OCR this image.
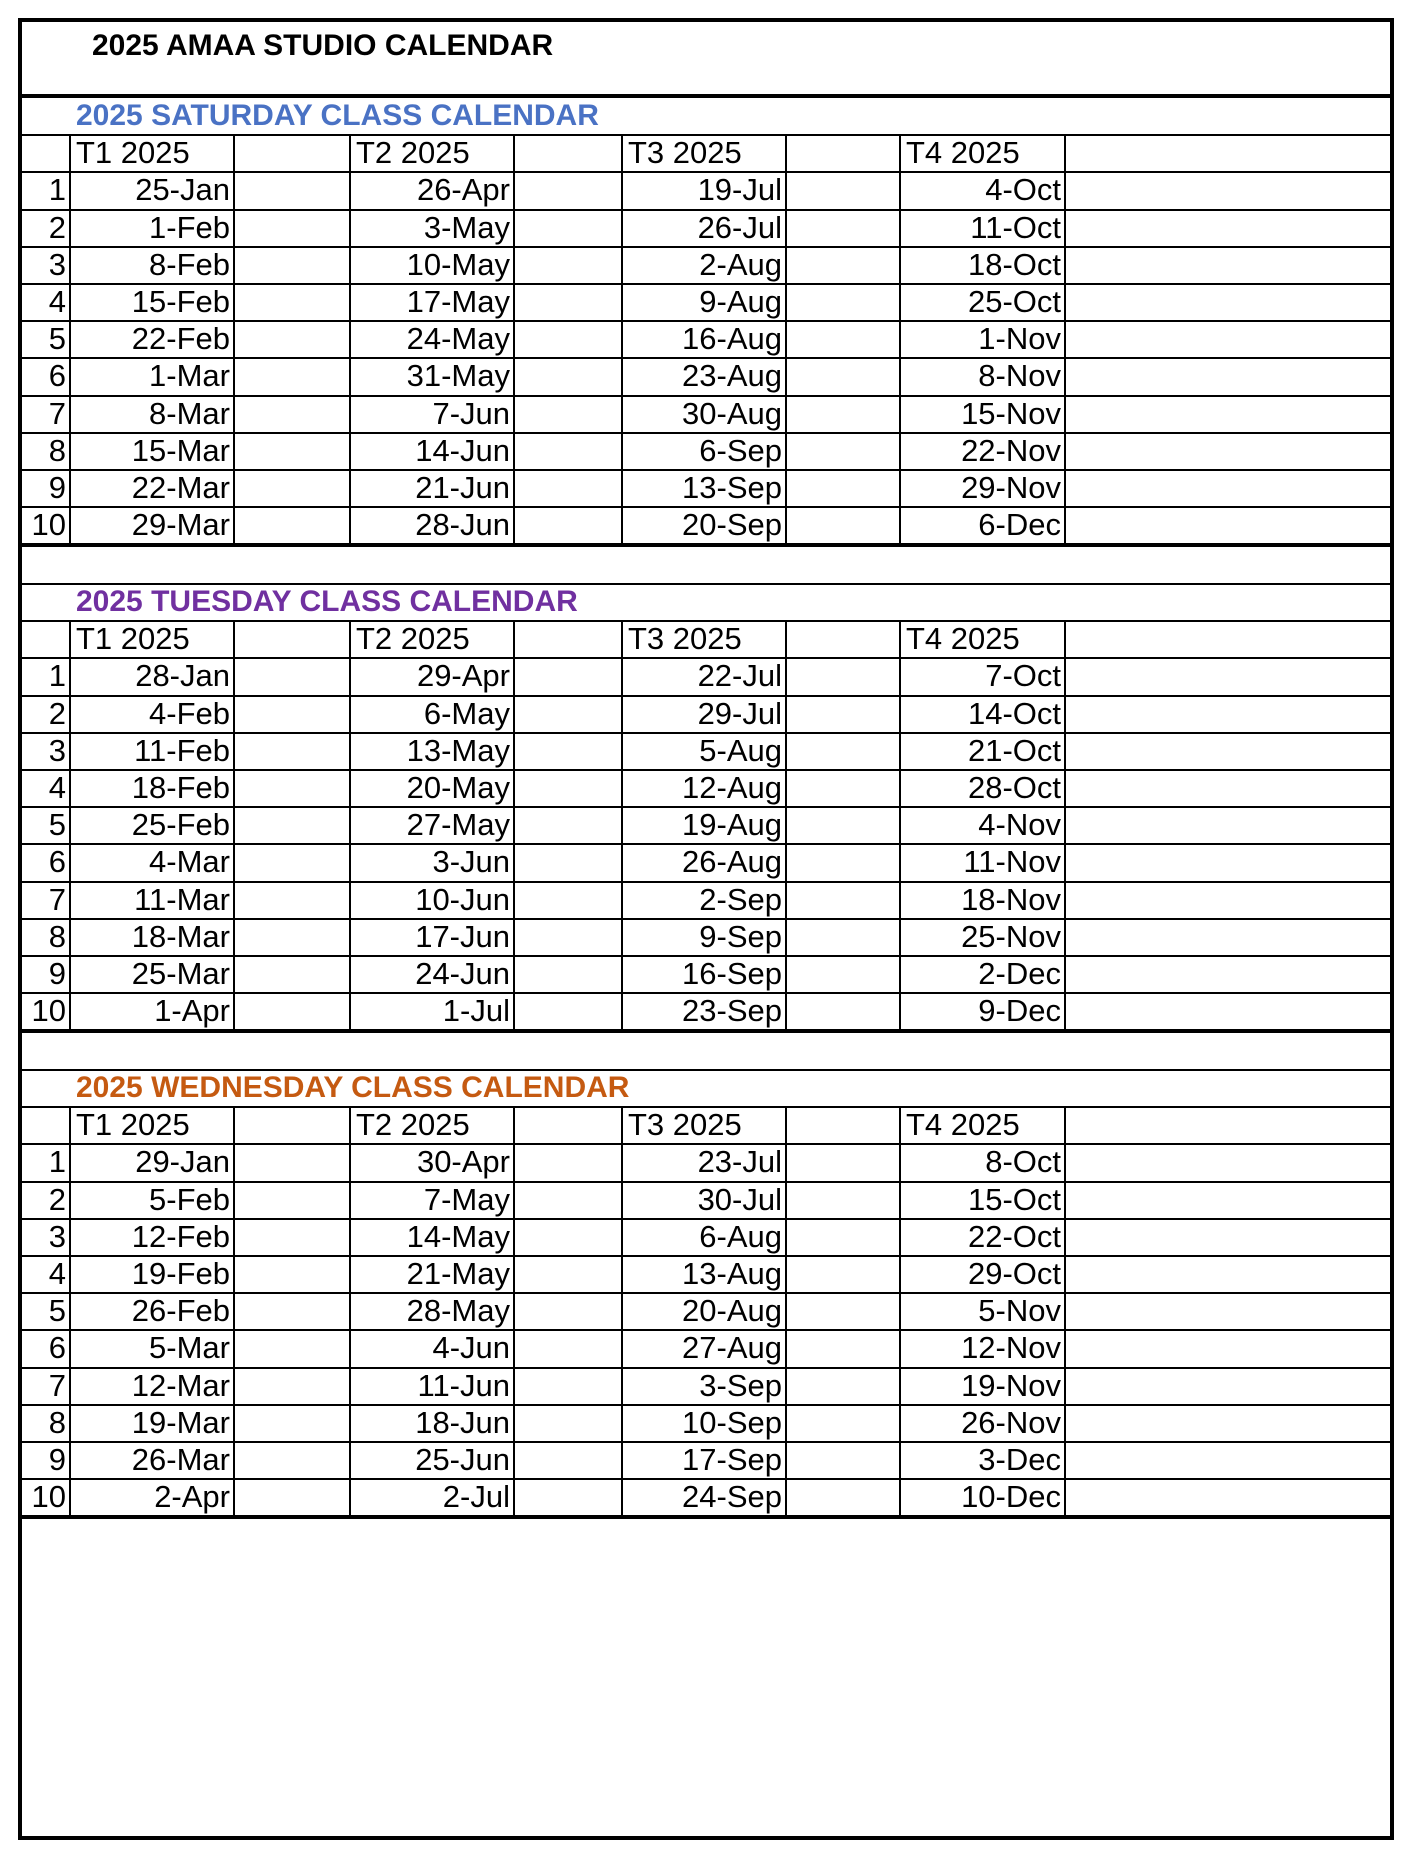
2025 AMAA STUDIO CALENDAR
2025 SATURDAY CLASS CALENDAR
T1 2025	T2 2025	T3 2025	T4 2025
1	25-Jan	26-Apr	19-Jul	4-Oct
2	1-Feb	3-May	26-Jul	11-Oct
3	8-Feb	10-May	2-Aug	18-Oct
4	15-Feb	17-May	9-Aug	25-Oct
5	22-Feb	24-May	16-Aug	1-Nov
6	1-Mar	31-May	23-Aug	8-Nov
7	8-Mar	7-Jun	30-Aug	15-Nov
8	15-Mar	14-Jun	6-Sep	22-Nov
9	22-Mar	21-Jun	13-Sep	29-Nov
10	29-Mar	28-Jun	20-Sep	6-Dec
2025 TUESDAY CLASS CALENDAR
T1 2025	T2 2025	T3 2025	T4 2025
1	28-Jan	29-Apr	22-Jul	7-Oct
2	4-Feb	6-May	29-Jul	14-Oct
3	11-Feb	13-May	5-Aug	21-Oct
4	18-Feb	20-May	12-Aug	28-Oct
5	25-Feb	27-May	19-Aug	4-Nov
6	4-Mar	3-Jun	26-Aug	11-Nov
7	11-Mar	10-Jun	2-Sep	18-Nov
8	18-Mar	17-Jun	9-Sep	25-Nov
9	25-Mar	24-Jun	16-Sep	2-Dec
10	1-Apr	1-Jul	23-Sep	9-Dec
2025 WEDNESDAY CLASS CALENDAR
T1 2025	T2 2025	T3 2025	T4 2025
1	29-Jan	30-Apr	23-Jul	8-Oct
2	5-Feb	7-May	30-Jul	15-Oct
3	12-Feb	14-May	6-Aug	22-Oct
4	19-Feb	21-May	13-Aug	29-Oct
5	26-Feb	28-May	20-Aug	5-Nov
6	5-Mar	4-Jun	27-Aug	12-Nov
7	12-Mar	11-Jun	3-Sep	19-Nov
8	19-Mar	18-Jun	10-Sep	26-Nov
9	26-Mar	25-Jun	17-Sep	3-Dec
10	2-Apr	2-Jul	24-Sep	10-Dec
